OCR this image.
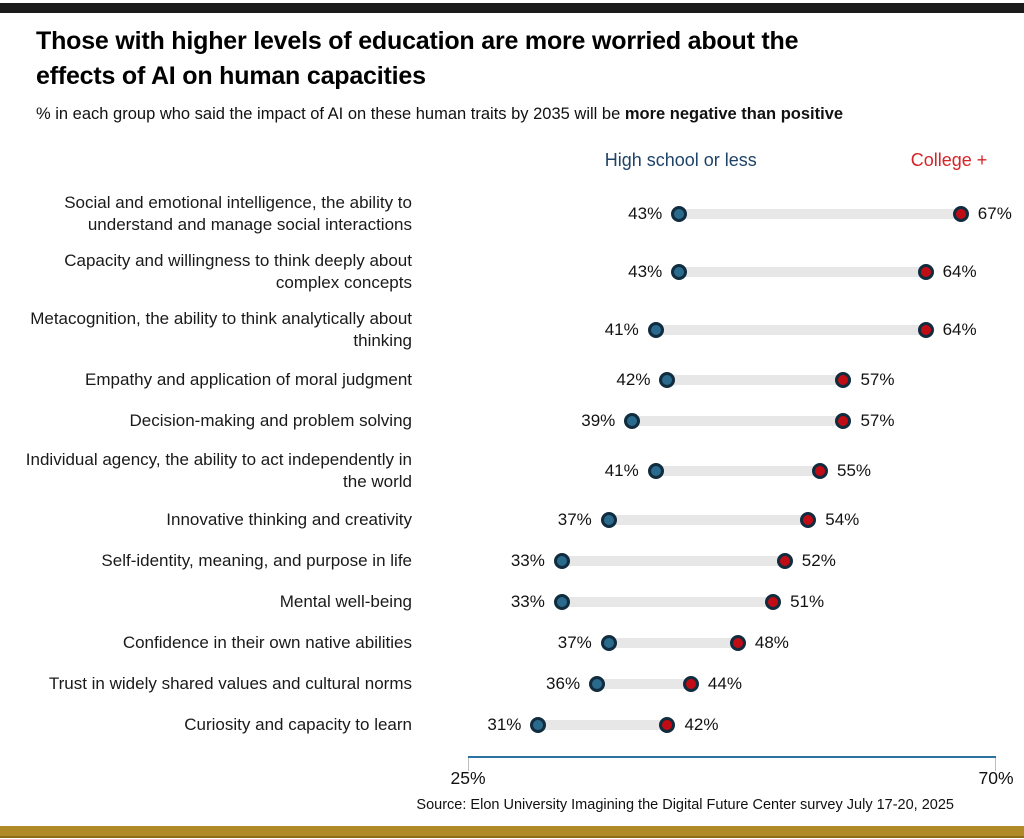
Those with higher levels of education are more worried about the
effects of AI on human capacities

% in each group who said the impact of AI on these human traits by 2035 will be more negative than positive

High school or less	College +
Social and emotional intelligence, the ability to understand and manage social interactions
43%	67%
Capacity and willingness to think deeply about complex concepts
43%	64%
Metacognition, the ability to think analytically about thinking
41%	64%
Empathy and application of moral judgment	42%	57%
Decision-making and problem solving	39%	57%
Individual agency, the ability to act independently in the world
41%	55%
Innovative thinking and creativity	37%	54%
Self-identity, meaning, and purpose in life	33%	52%
Mental well-being	33%	51%
Confidence in their own native abilities	37%	48%
Trust in widely shared values and cultural norms	36%	44%
Curiosity and capacity to learn	31%	42%
25%	70%
Source: Elon University Imagining the Digital Future Center survey July 17-20, 2025
